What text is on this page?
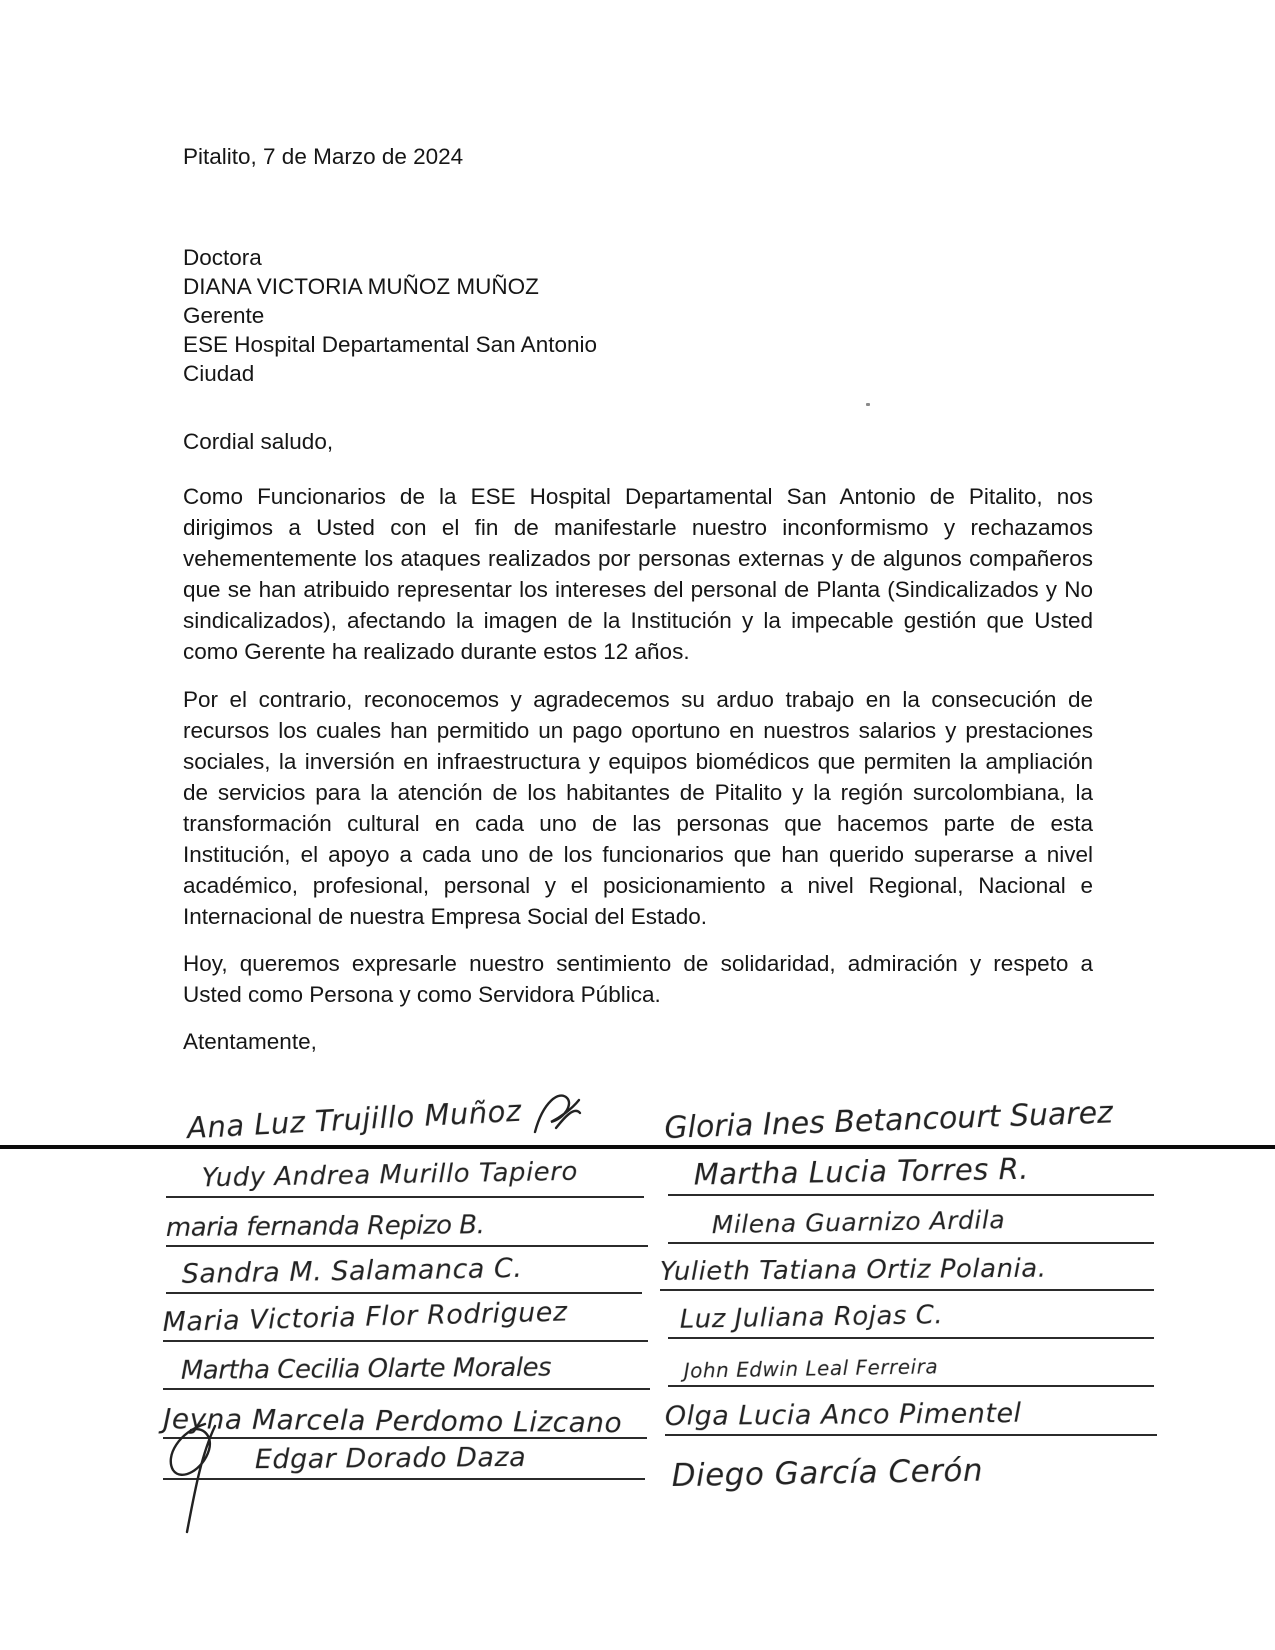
Pitalito, 7 de Marzo de 2024
Doctora
DIANA VICTORIA MUÑOZ MUÑOZ
Gerente
ESE Hospital Departamental San Antonio
Ciudad
Cordial saludo,

Como Funcionarios de la ESE Hospital Departamental San Antonio de Pitalito, nos dirigimos a Usted con el fin de manifestarle nuestro inconformismo y rechazamos vehementemente los ataques realizados por personas externas y de algunos compañeros que se han atribuido representar los intereses del personal de Planta (Sindicalizados y No sindicalizados), afectando la imagen de la Institución y la impecable gestión que Usted como Gerente ha realizado durante estos 12 años.

Por el contrario, reconocemos y agradecemos su arduo trabajo en la consecución de recursos los cuales han permitido un pago oportuno en nuestros salarios y prestaciones sociales, la inversión en infraestructura y equipos biomédicos que permiten la ampliación de servicios para la atención de los habitantes de Pitalito y la región surcolombiana, la transformación cultural en cada uno de las personas que hacemos parte de esta Institución, el apoyo a cada uno de los funcionarios que han querido superarse a nivel académico, profesional, personal y el posicionamiento a nivel Regional, Nacional e Internacional de nuestra Empresa Social del Estado.

Hoy, queremos expresarle nuestro sentimiento de solidaridad, admiración y respeto a Usted como Persona y como Servidora Pública.

Atentamente,
Ana Luz Trujillo Muñoz
Yudy Andrea Murillo Tapiero
maria fernanda Repizo B.
Sandra M. Salamanca C.
Maria Victoria Flor Rodriguez
Martha Cecilia Olarte Morales
Jeyna Marcela Perdomo Lizcano
Edgar Dorado Daza
Gloria Ines Betancourt Suarez
Martha Lucia Torres R.
Milena Guarnizo Ardila
Yulieth Tatiana Ortiz Polania.
Luz Juliana Rojas C.
John Edwin Leal Ferreira
Olga Lucia Anco Pimentel
Diego García Cerón
